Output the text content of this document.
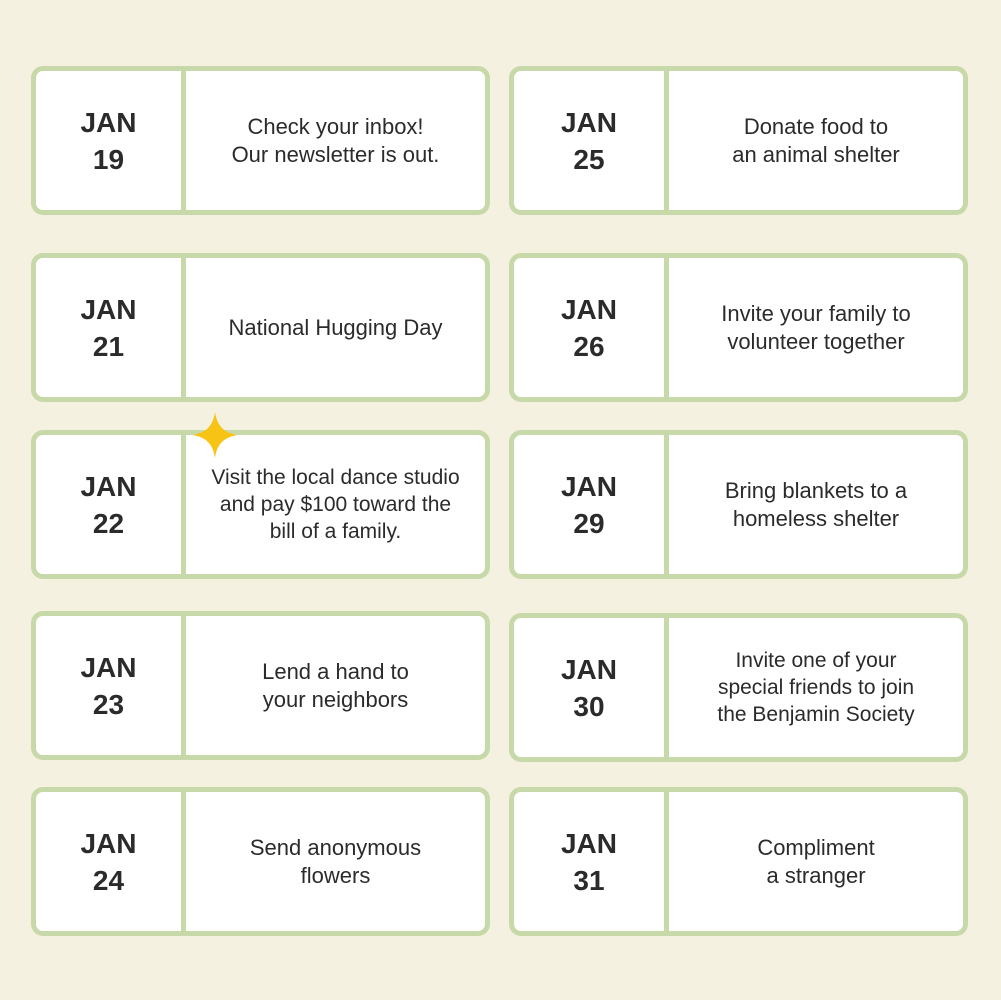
JAN
19
Check your inbox!
Our newsletter is out.
JAN
21
National Hugging Day
JAN
22
Visit the local dance studio
and pay $100 toward the
bill of a family.
JAN
23
Lend a hand to
your neighbors
JAN
24
Send anonymous
flowers
JAN
25
Donate food to
an animal shelter
JAN
26
Invite your family to
volunteer together
JAN
29
Bring blankets to a
homeless shelter
JAN
30
Invite one of your
special friends to join
the Benjamin Society
JAN
31
Compliment
a stranger
